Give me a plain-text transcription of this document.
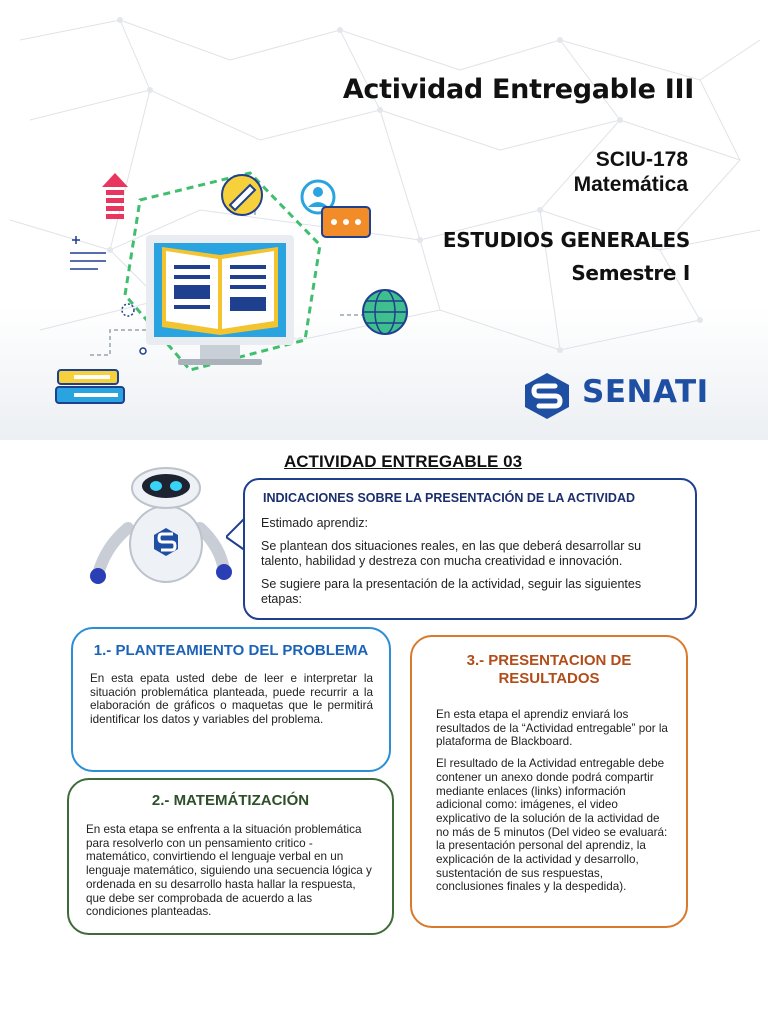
Actividad Entregable III
SCIU-178
Matemática
ESTUDIOS GENERALES
Semestre I
SENATI
ACTIVIDAD ENTREGABLE 03
INDICACIONES SOBRE LA PRESENTACIÓN DE LA ACTIVIDAD

Estimado aprendiz:

Se plantean dos situaciones reales, en las que deberá desarrollar su talento, habilidad y destreza con mucha creatividad e innovación.

Se sugiere para la presentación de la actividad, seguir las siguientes etapas:

1.- PLANTEAMIENTO DEL PROBLEMA

En esta epata usted debe de leer e interpretar la situación problemática planteada, puede recurrir a la elaboración de gráficos o maquetas que le permitirá identificar los datos y variables del problema.

2.- MATEMÁTIZACIÓN

En esta etapa se enfrenta a la situación problemática para resolverlo con un pensamiento critico - matemático, convirtiendo el lenguaje verbal en un lenguaje matemático, siguiendo una secuencia lógica y ordenada en su desarrollo hasta hallar la respuesta, que debe ser comprobada de acuerdo a las condiciones planteadas.

3.- PRESENTACION DE RESULTADOS

En esta etapa el aprendiz enviará los resultados de la “Actividad entregable” por la plataforma de Blackboard.

El resultado de la Actividad entregable debe contener un anexo donde podrá compartir mediante enlaces (links) información adicional como: imágenes, el video explicativo de la solución de la actividad de no más de 5 minutos (Del video se evaluará: la presentación personal del aprendiz, la explicación de la actividad y desarrollo, sustentación de sus respuestas, conclusiones finales y la despedida).
